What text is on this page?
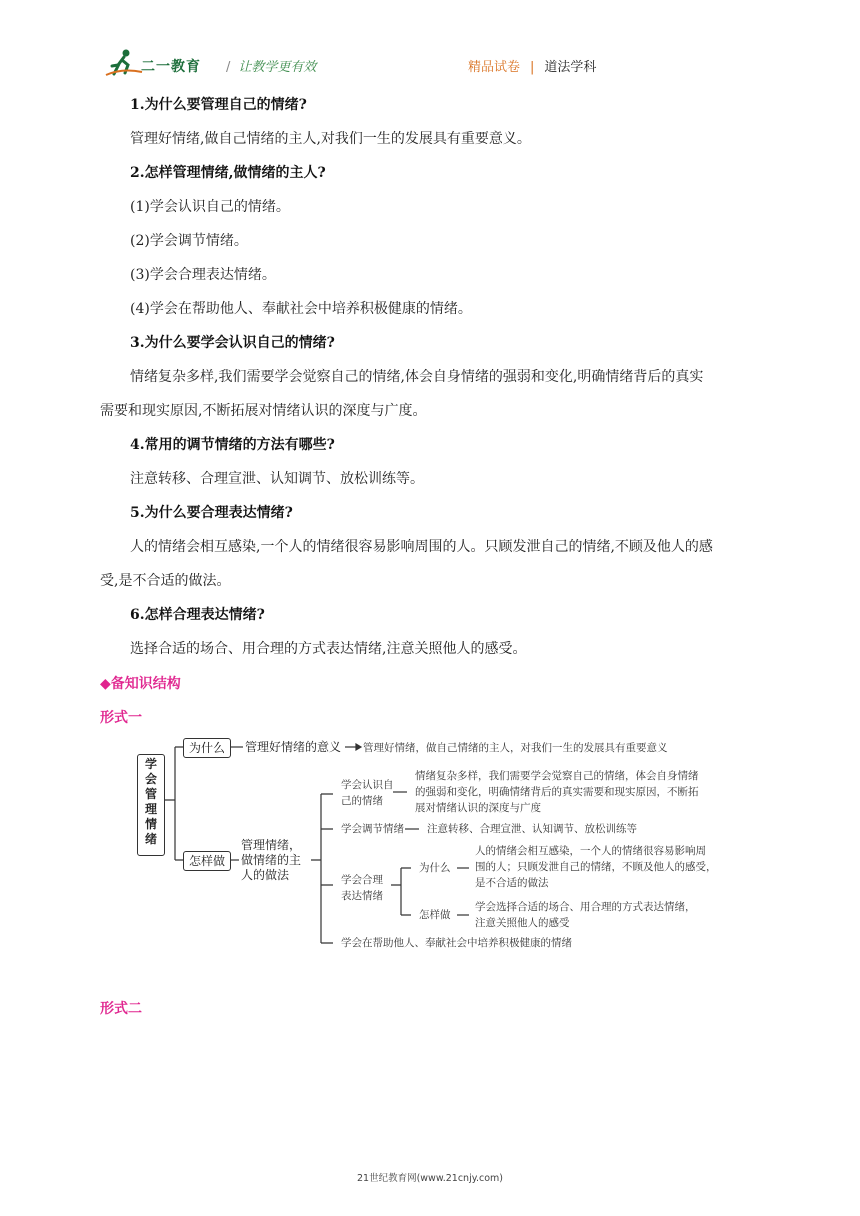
二一教育 / 让教学更有效	精品试卷 | 道法学科
1.为什么要管理自己的情绪?
管理好情绪,做自己情绪的主人,对我们一生的发展具有重要意义。
2.怎样管理情绪,做情绪的主人?
(1)学会认识自己的情绪。
(2)学会调节情绪。
(3)学会合理表达情绪。
(4)学会在帮助他人、奉献社会中培养积极健康的情绪。
3.为什么要学会认识自己的情绪?
情绪复杂多样,我们需要学会觉察自己的情绪,体会自身情绪的强弱和变化,明确情绪背后的真实
需要和现实原因,不断拓展对情绪认识的深度与广度。
4.常用的调节情绪的方法有哪些?
注意转移、合理宣泄、认知调节、放松训练等。
5.为什么要合理表达情绪?
人的情绪会相互感染,一个人的情绪很容易影响周围的人。只顾发泄自己的情绪,不顾及他人的感
受,是不合适的做法。
6.怎样合理表达情绪?
选择合适的场合、用合理的方式表达情绪,注意关照他人的感受。
◆备知识结构
形式一
形式二
学
会
管
理
情
绪
为什么
怎样做
管理好情绪的意义 管理好情绪，做自己情绪的主人，对我们一生的发展具有重要意义
管理情绪，
做情绪的主
人的做法
学会认识自
己的情绪
情绪复杂多样，我们需要学会觉察自己的情绪，体会自身情绪
的强弱和变化，明确情绪背后的真实需要和现实原因，不断拓
展对情绪认识的深度与广度
学会调节情绪 注意转移、合理宣泄、认知调节、放松训练等
学会合理
表达情绪
为什么
人的情绪会相互感染，一个人的情绪很容易影响周
围的人；只顾发泄自己的情绪，不顾及他人的感受，
是不合适的做法
怎样做
学会选择合适的场合、用合理的方式表达情绪，
注意关照他人的感受
学会在帮助他人、奉献社会中培养积极健康的情绪
21世纪教育网(www.21cnjy.com)
